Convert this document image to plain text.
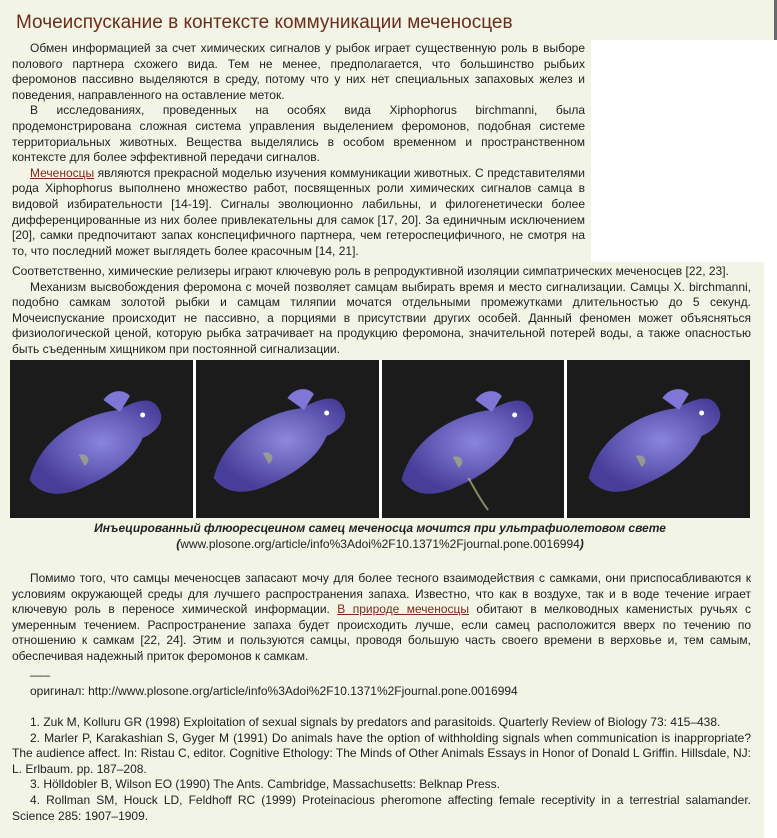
Мочеиспускание в контексте коммуникации меченосцев

Обмен информацией за счет химических сигналов у рыбок играет существенную роль в выборе полового партнера схожего вида. Тем не менее, предполагается, что большинство рыбьих феромонов пассивно выделяются в среду, потому что у них нет специальных запаховых желез и поведения, направленного на оставление меток.

В исследованиях, проведенных на особях вида Xiphophorus birchmanni, была продемонстрирована сложная система управления выделением феромонов, подобная системе территориальных животных. Вещества выделялись в особом временном и пространственном контексте для более эффективной передачи сигналов.

Меченосцы являются прекрасной моделью изучения коммуникации животных. С представителями рода Xiphophorus выполнено множество работ, посвященных роли химических сигналов самца в видовой избирательности [14-19]. Сигналы эволюционно лабильны, и филогенетически более дифференцированные из них более привлекательны для самок [17, 20]. За единичным исключением [20], самки предпочитают запах конспецифичного партнера, чем гетероспецифичного, не смотря на то, что последний может выглядеть более красочным [14, 21].

Соответственно, химические релизеры играют ключевую роль в репродуктивной изоляции симпатрических меченосцев [22, 23].

Механизм высвобождения феромона с мочей позволяет самцам выбирать время и место сигнализации. Самцы X. birchmanni, подобно самкам золотой рыбки и самцам тиляпии мочатся отдельными промежутками длительностью до 5 секунд. Мочеиспускание происходит не пассивно, а порциями в присутствии других особей. Данный феномен может объясняться физиологической ценой, которую рыбка затрачивает на продукцию феромона, значительной потерей воды, а также опасностью быть съеденным хищником при постоянной сигнализации.

Инъецированный флюоресцеином самец меченосца мочится при ультрафиолетовом свете (www.plosone.org/article/info%3Adoi%2F10.1371%2Fjournal.pone.0016994)

Помимо того, что самцы меченосцев запасают мочу для более тесного взаимодействия с самками, они приспосабливаются к условиям окружающей среды для лучшего распространения запаха. Известно, что как в воздухе, так и в воде течение играет ключевую роль в переносе химической информации. В природе меченосцы обитают в мелководных каменистых ручьях с умеренным течением. Распространение запаха будет происходить лучше, если самец расположится вверх по течению по отношению к самкам [22, 24]. Этим и пользуются самцы, проводя большую часть своего времени в верховье и, тем самым, обеспечивая надежный приток феромонов к самкам.

–––
оригинал: http://www.plosone.org/article/info%3Adoi%2F10.1371%2Fjournal.pone.0016994

1. Zuk M, Kolluru GR (1998) Exploitation of sexual signals by predators and parasitoids. Quarterly Review of Biology 73: 415–438.

2. Marler P, Karakashian S, Gyger M (1991) Do animals have the option of withholding signals when communication is inappropriate? The audience affect. In: Ristau C, editor. Cognitive Ethology: The Minds of Other Animals Essays in Honor of Donald L Griffin. Hillsdale, NJ: L. Erlbaum. pp. 187–208.

3. Hölldobler B, Wilson EO (1990) The Ants. Cambridge, Massachusetts: Belknap Press.

4. Rollman SM, Houck LD, Feldhoff RC (1999) Proteinacious pheromone affecting female receptivity in a terrestrial salamander. Science 285: 1907–1909.
